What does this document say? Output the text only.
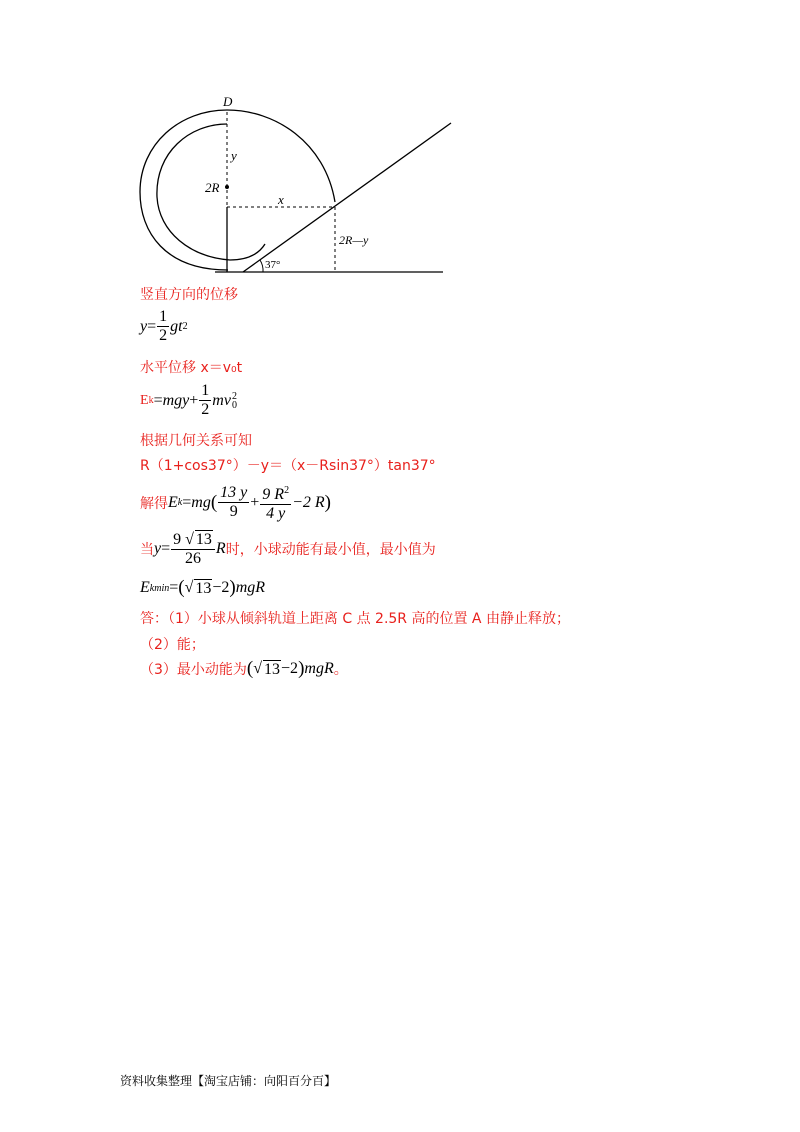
D
y
2R
x
2R—y
37°
竖直方向的位移
$y = \frac{1}{2}$ gt 2
水平位移 x＝v₀t
E k = mgy + $\frac{1}{2}$ mv 2
0
根据几何关系可知
R（1+cos37°）－y＝（x－Rsin37°）tan37°
解得 E k = mg ( $\frac{13 y}{9} + \frac{9 R^2}{4 y} -2$ R )
当 $y = \frac{9 √ 13}{26}$ R 时，小球动能有最小值，最小值为
E kmin = ( √ 13 −2 ) mgR
答：（1）小球从倾斜轨道上距离 C 点 2.5R 高的位置 A 由静止释放；
（2）能；
（3）最小动能为 ( √ 13 −2 ) mgR 。
资料收集整理【淘宝店铺：向阳百分百】
